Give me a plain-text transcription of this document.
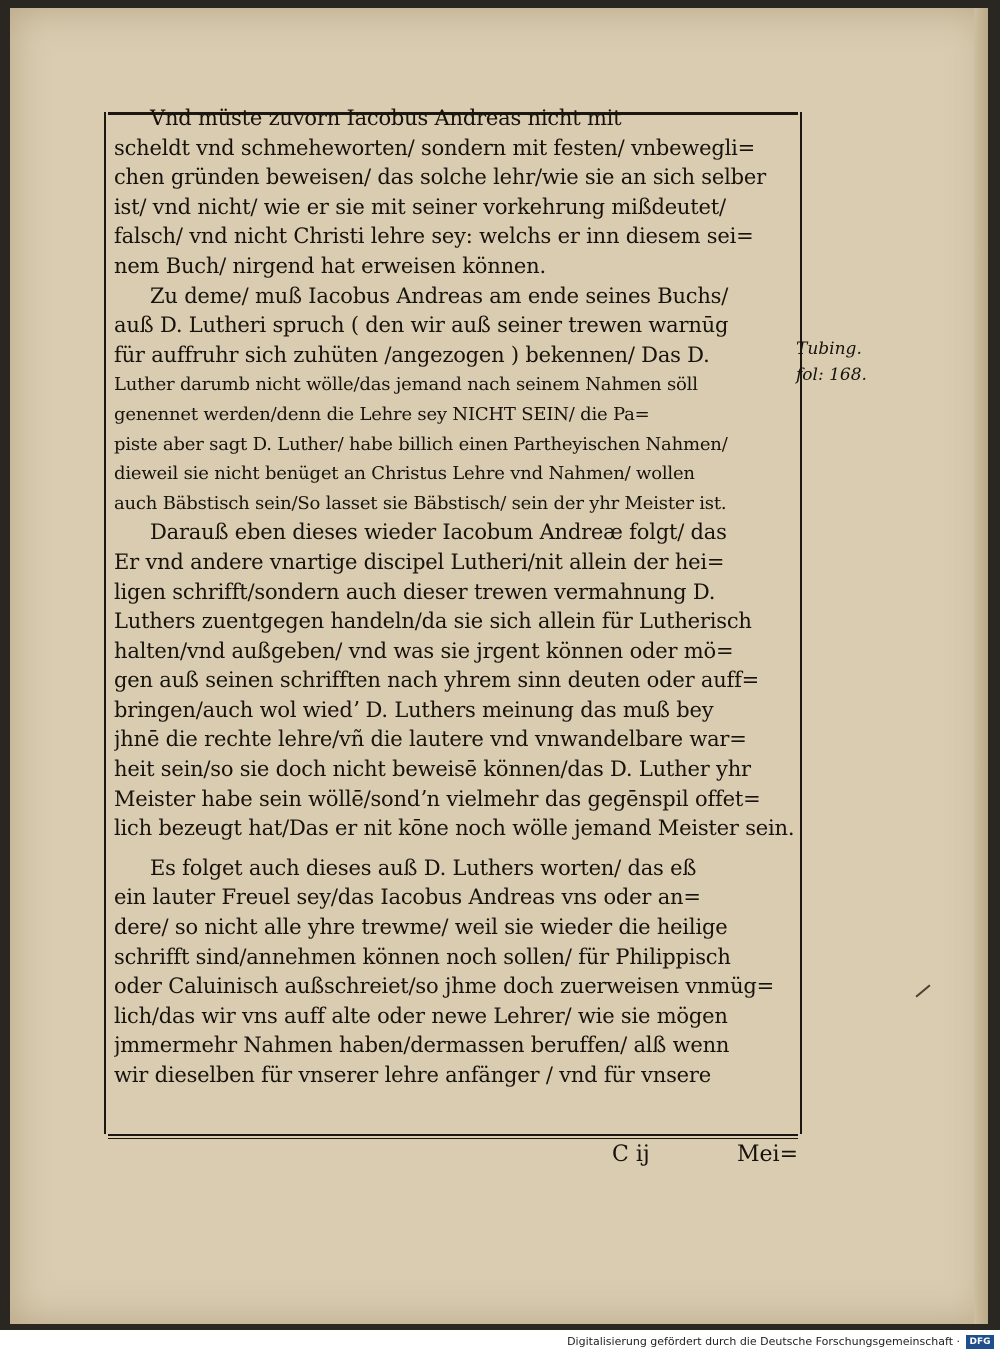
Vnd müste zuvorn Iacobus Andreas nicht mit
scheldt vnd schmeheworten/ sondern mit festen/ vnbewegli=
chen gründen beweisen/ das solche lehr/wie sie an sich selber
ist/ vnd nicht/ wie er sie mit seiner vorkehrung mißdeutet/
falsch/ vnd nicht Christi lehre sey: welchs er inn diesem sei=
nem Buch/ nirgend hat erweisen können.
Zu deme/ muß Iacobus Andreas am ende seines Buchs/
auß D. Lutheri spruch ( den wir auß seiner trewen warnūg
für auffruhr sich zuhüten /angezogen ) bekennen/ Das D.
Luther darumb nicht wölle/das jemand nach seinem Nahmen söll
genennet werden/denn die Lehre sey NICHT SEIN/ die Pa=
piste aber sagt D. Luther/ habe billich einen Partheyischen Nahmen/
dieweil sie nicht benüget an Christus Lehre vnd Nahmen/ wollen
auch Bäbstisch sein/So lasset sie Bäbstisch/ sein der yhr Meister ist.
Darauß eben dieses wieder Iacobum Andreæ folgt/ das
Er vnd andere vnartige discipel Lutheri/nit allein der hei=
ligen schrifft/sondern auch dieser trewen vermahnung D.
Luthers zuentgegen handeln/da sie sich allein für Lutherisch
halten/vnd außgeben/ vnd was sie jrgent können oder mö=
gen auß seinen schrifften nach yhrem sinn deuten oder auff=
bringen/auch wol wiedʼ D. Luthers meinung das muß bey
jhnē die rechte lehre/vñ die lautere vnd vnwandelbare war=
heit sein/so sie doch nicht beweisē können/das D. Luther yhr
Meister habe sein wöllē/sondʼn vielmehr das gegēnspil offet=
lich bezeugt hat/Das er nit kōne noch wölle jemand Meister sein.
Es folget auch dieses auß D. Luthers worten/ das eß
ein lauter Freuel sey/das Iacobus Andreas vns oder an=
dere/ so nicht alle yhre trewme/ weil sie wieder die heilige
schrifft sind/annehmen können noch sollen/ für Philippisch
oder Caluinisch außschreiet/so jhme doch zuerweisen vnmüg=
lich/das wir vns auff alte oder newe Lehrer/ wie sie mögen
jmmermehr Nahmen haben/dermassen beruffen/ alß wenn
wir dieselben für vnserer lehre anfänger / vnd für vnsere
Tubing.
fol: 168.
C ij	Mei=
Digitalisierung gefördert durch die Deutsche Forschungsgemeinschaft ·	DFG
